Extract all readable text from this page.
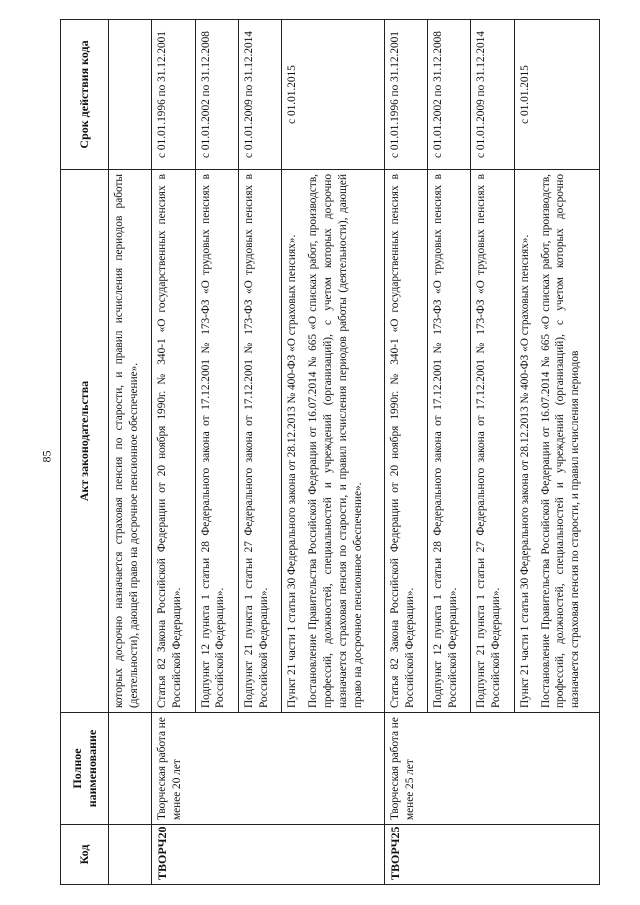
85
Код	Полное наименование	Акт законодательства	Срок действия кода
		которых досрочно назначается страховая пенсия по старости, и правил исчисления периодов работы (деятельности), дающей право на досрочное пенсионное обеспечение».	
ТВОРЧ20	Творческая работа не менее 20 лет	Статья 82 Закона Российской Федерации от 20 ноября 1990г. № 340-1 «О государственных пенсиях в Российской Федерации».	с 01.01.1996 по 31.12.2001

		Подпункт 12 пункта 1 статьи 28 Федерального закона от 17.12.2001 № 173-ФЗ «О трудовых пенсиях в Российской Федерации».	с 01.01.2002 по 31.12.2008

		Подпункт 21 пункта 1 статьи 27 Федерального закона от 17.12.2001 № 173-ФЗ «О трудовых пенсиях в Российской Федерации».	с 01.01.2009 по 31.12.2014

		Пункт 21 части 1 статьи 30 Федерального закона от 28.12.2013 № 400-ФЗ «О страховых пенсиях». Постановление Правительства Российской Федерации от 16.07.2014 № 665 «О списках работ, производств, профессий, должностей, специальностей и учреждений (организаций), с учетом которых досрочно назначается страховая пенсия по старости, и правил исчисления периодов работы (деятельности), дающей право на досрочное пенсионное обеспечение».	с 01.01.2015
ТВОРЧ25	Творческая работа не менее 25 лет	Статья 82 Закона Российской Федерации от 20 ноября 1990г. № 340-1 «О государственных пенсиях в Российской Федерации».	с 01.01.1996 по 31.12.2001

		Подпункт 12 пункта 1 статьи 28 Федерального закона от 17.12.2001 № 173-ФЗ «О трудовых пенсиях в Российской Федерации».	с 01.01.2002 по 31.12.2008

		Подпункт 21 пункта 1 статьи 27 Федерального закона от 17.12.2001 № 173-ФЗ «О трудовых пенсиях в Российской Федерации».	с 01.01.2009 по 31.12.2014

		Пункт 21 части 1 статьи 30 Федерального закона от 28.12.2013 № 400-ФЗ «О страховых пенсиях». Постановление Правительства Российской Федерации от 16.07.2014 № 665 «О списках работ, производств, профессий, должностей, специальностей и учреждений (организаций), с учетом которых досрочно назначается страховая пенсия по старости, и правил исчисления периодов	с 01.01.2015
